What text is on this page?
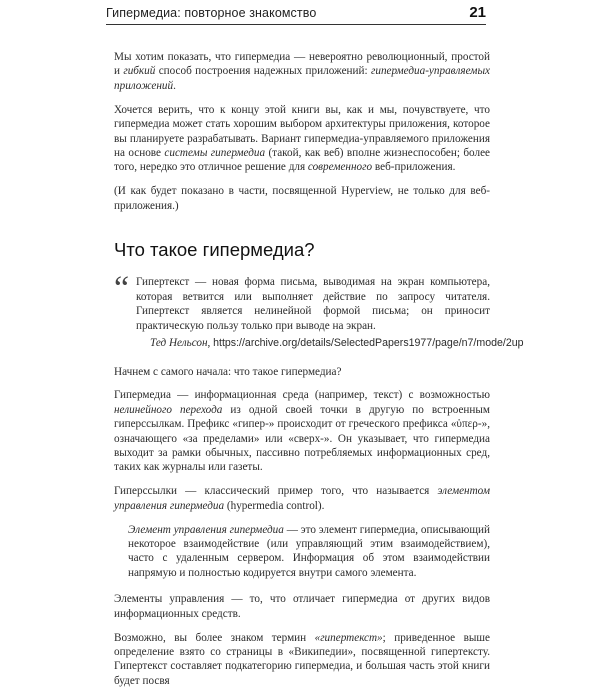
Гипермедиа: повторное знакомство	21

Мы хотим показать, что гипермедиа — невероятно революционный, простой и гибкий способ построения надежных приложений: гипермедиа-управляемых приложений.

Хочется верить, что к концу этой книги вы, как и мы, почувствуете, что гипермедиа может стать хорошим выбором архитектуры приложения, которое вы планируете разрабатывать. Вариант гипермедиа-управляемого приложения на основе системы гипермедиа (такой, как веб) вполне жизнеспособен; более того, нередко это отличное решение для современного веб-приложения.

(И как будет показано в части, посвященной Hyperview, не только для веб-приложения.)

Что такое гипермедиа?
“ Гипертекст — новая форма письма, выводимая на экран компьютера, которая ветвится или выполняет действие по запросу читателя. Гипертекст является нелинейной формой письма; он приносит практическую пользу только при выводе на экран.

Тед Нельсон, https://archive.org/details/SelectedPapers1977/page/n7/mode/2up

Начнем с самого начала: что такое гипермедиа?

Гипермедиа — информационная среда (например, текст) с возможностью нелинейного перехода из одной своей точки в другую по встроенным гиперссылкам. Префикс «гипер-» происходит от греческого префикса «ὑπερ-», означающего «за пределами» или «сверх-». Он указывает, что гипермедиа выходит за рамки обычных, пассивно потребляемых информационных сред, таких как журналы или газеты.

Гиперссылки — классический пример того, что называется элементом управления гипермедиа (hypermedia control).

Элемент управления гипермедиа — это элемент гипермедиа, описывающий некоторое взаимодействие (или управляющий этим взаимодействием), часто с удаленным сервером. Информация об этом взаимодействии напрямую и полностью кодируется внутри самого элемента.

Элементы управления — то, что отличает гипермедиа от других видов информационных средств.

Возможно, вы более знаком термин «гипертекст»; приведенное выше определение взято со страницы в «Википедии», посвященной гипертексту. Гипертекст составляет подкатегорию гипермедиа, и большая часть этой книги будет посвя
